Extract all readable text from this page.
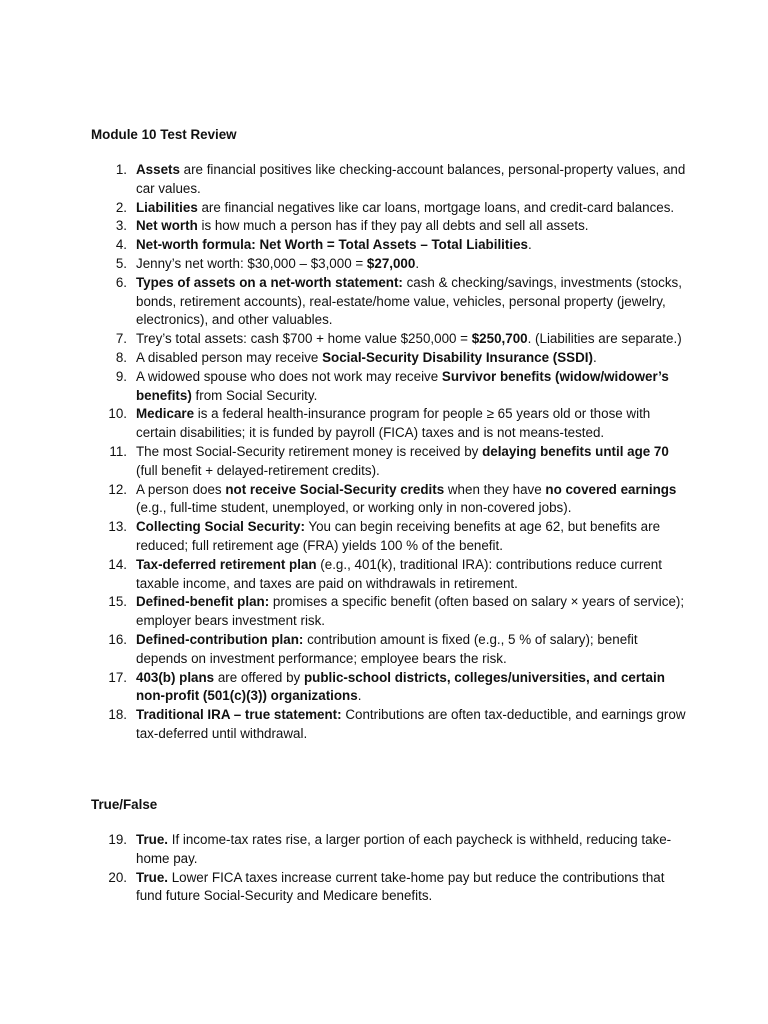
Module 10 Test Review
1. Assets are financial positives like checking-account balances, personal-property values, and car values.
2. Liabilities are financial negatives like car loans, mortgage loans, and credit-card balances.
3. Net worth is how much a person has if they pay all debts and sell all assets.
4. Net-worth formula: Net Worth = Total Assets – Total Liabilities.
5. Jenny’s net worth: $30,000 – $3,000 = $27,000.
6. Types of assets on a net-worth statement: cash & checking/savings, investments (stocks, bonds, retirement accounts), real-estate/home value, vehicles, personal property (jewelry, electronics), and other valuables.
7. Trey’s total assets: cash $700 + home value $250,000 = $250,700. (Liabilities are separate.)
8. A disabled person may receive Social-Security Disability Insurance (SSDI).
9. A widowed spouse who does not work may receive Survivor benefits (widow/widower’s benefits) from Social Security.
10. Medicare is a federal health-insurance program for people ≥ 65 years old or those with certain disabilities; it is funded by payroll (FICA) taxes and is not means-tested.
11. The most Social-Security retirement money is received by delaying benefits until age 70 (full benefit + delayed-retirement credits).
12. A person does not receive Social-Security credits when they have no covered earnings (e.g., full-time student, unemployed, or working only in non-covered jobs).
13. Collecting Social Security: You can begin receiving benefits at age 62, but benefits are reduced; full retirement age (FRA) yields 100 % of the benefit.
14. Tax-deferred retirement plan (e.g., 401(k), traditional IRA): contributions reduce current taxable income, and taxes are paid on withdrawals in retirement.
15. Defined-benefit plan: promises a specific benefit (often based on salary × years of service); employer bears investment risk.
16. Defined-contribution plan: contribution amount is fixed (e.g., 5 % of salary); benefit depends on investment performance; employee bears the risk.
17. 403(b) plans are offered by public-school districts, colleges/universities, and certain non-profit (501(c)(3)) organizations.
18. Traditional IRA – true statement: Contributions are often tax-deductible, and earnings grow tax-deferred until withdrawal.
True/False
19. True. If income-tax rates rise, a larger portion of each paycheck is withheld, reducing take-home pay.
20. True. Lower FICA taxes increase current take-home pay but reduce the contributions that fund future Social-Security and Medicare benefits.
